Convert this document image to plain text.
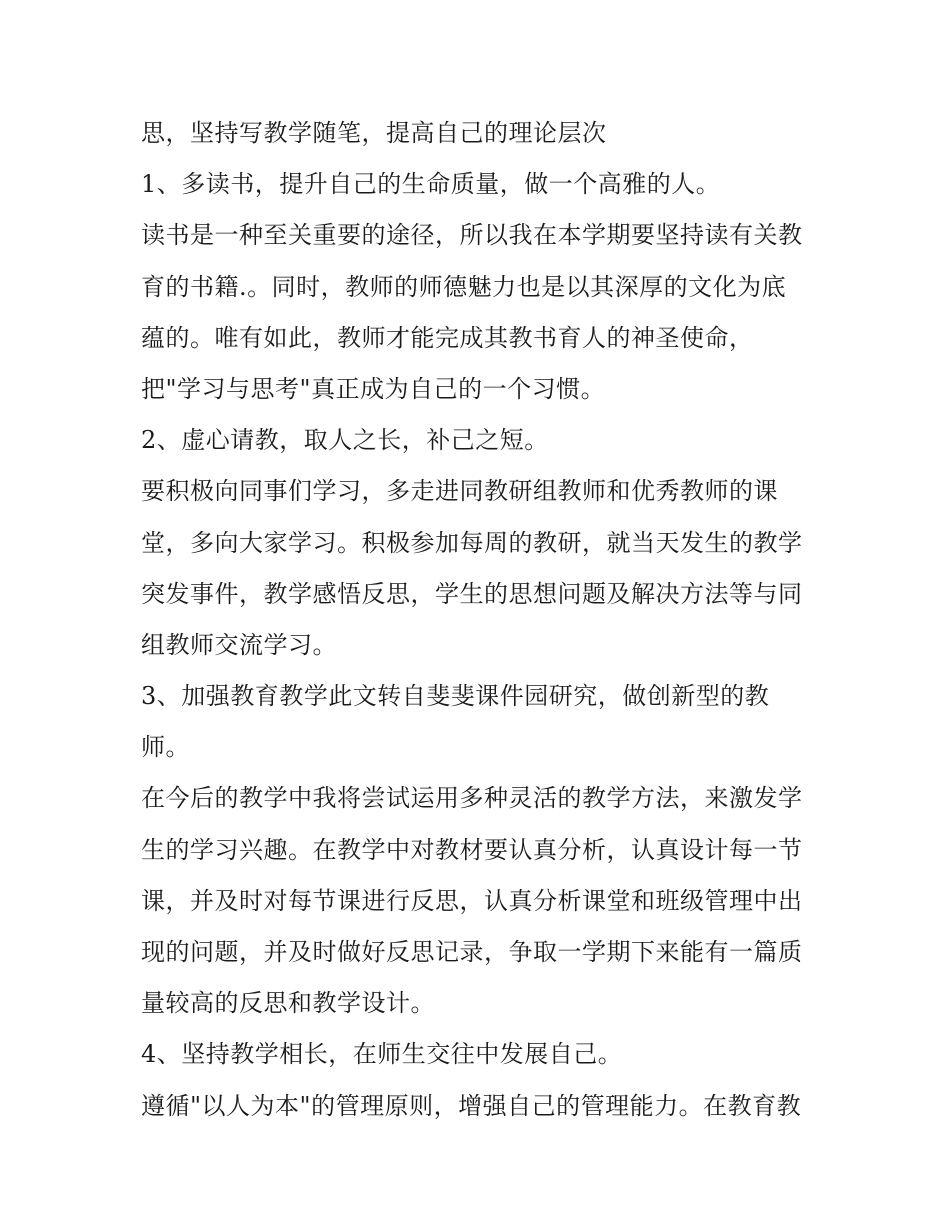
思，坚持写教学随笔，提高自己的理论层次
1、多读书，提升自己的生命质量，做一个高雅的人。
读书是一种至关重要的途径，所以我在本学期要坚持读有关教
育的书籍.。同时，教师的师德魅力也是以其深厚的文化为底
蕴的。唯有如此，教师才能完成其教书育人的神圣使命，
把"学习与思考"真正成为自己的一个习惯。
2、虚心请教，取人之长，补己之短。
要积极向同事们学习，多走进同教研组教师和优秀教师的课
堂，多向大家学习。积极参加每周的教研，就当天发生的教学
突发事件，教学感悟反思，学生的思想问题及解决方法等与同
组教师交流学习。
3、加强教育教学此文转自斐斐课件园研究，做创新型的教
师。
在今后的教学中我将尝试运用多种灵活的教学方法，来激发学
生的学习兴趣。在教学中对教材要认真分析，认真设计每一节
课，并及时对每节课进行反思，认真分析课堂和班级管理中出
现的问题，并及时做好反思记录，争取一学期下来能有一篇质
量较高的反思和教学设计。
4、坚持教学相长，在师生交往中发展自己。
遵循"以人为本"的管理原则，增强自己的管理能力。在教育教
